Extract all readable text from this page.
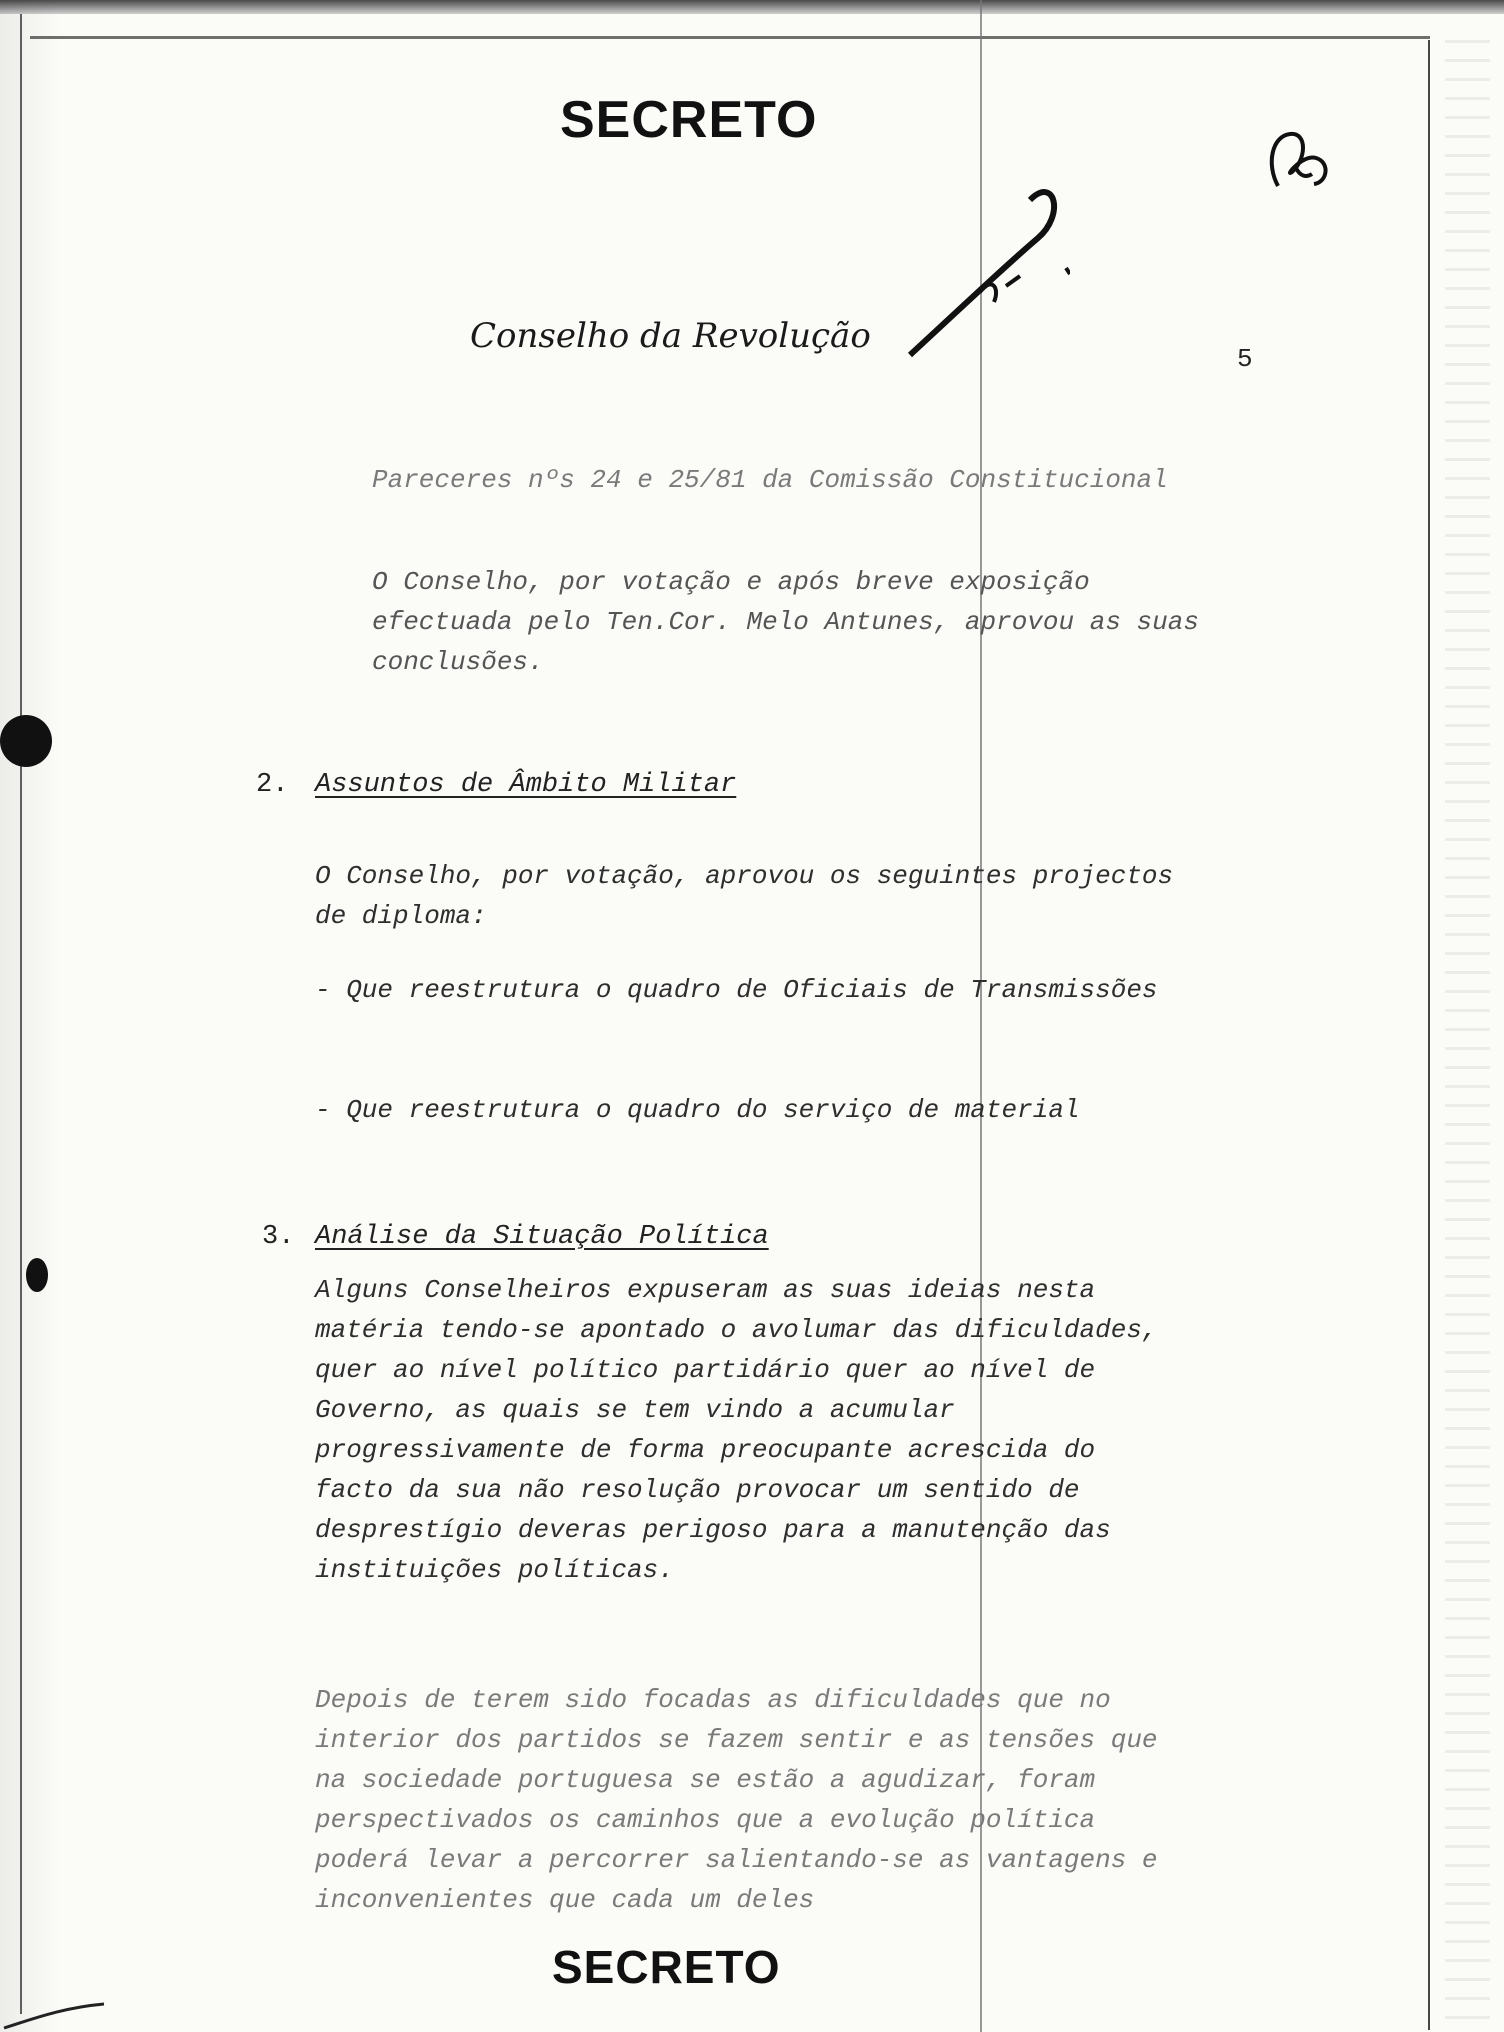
SECRETO
Conselho da Revolução
5
Pareceres nºs 24 e 25/81 da Comissão Constitucional
O Conselho, por votação e após breve exposição efectuada pelo Ten.Cor. Melo Antunes, aprovou as suas conclusões.
2. Assuntos de Âmbito Militar
O Conselho, por votação, aprovou os seguintes projectos de diploma:
- Que reestrutura o quadro de Oficiais de Transmissões
- Que reestrutura o quadro do serviço de material
3. Análise da Situação Política
Alguns Conselheiros expuseram as suas ideias nesta matéria tendo-se apontado o avolumar das dificuldades, quer ao nível político partidário quer ao nível de Governo, as quais se tem vindo a acumular progressivamente de forma preocupante acrescida do facto da sua não resolução provocar um sentido de desprestígio deveras perigoso para a manutenção das instituições políticas.
Depois de terem sido focadas as dificuldades que no interior dos partidos se fazem sentir e as tensões que na sociedade portuguesa se estão a agudizar, foram perspectivados os caminhos que a evolução política poderá levar a percorrer salientando-se as vantagens e inconvenientes que cada um deles
SECRETO
